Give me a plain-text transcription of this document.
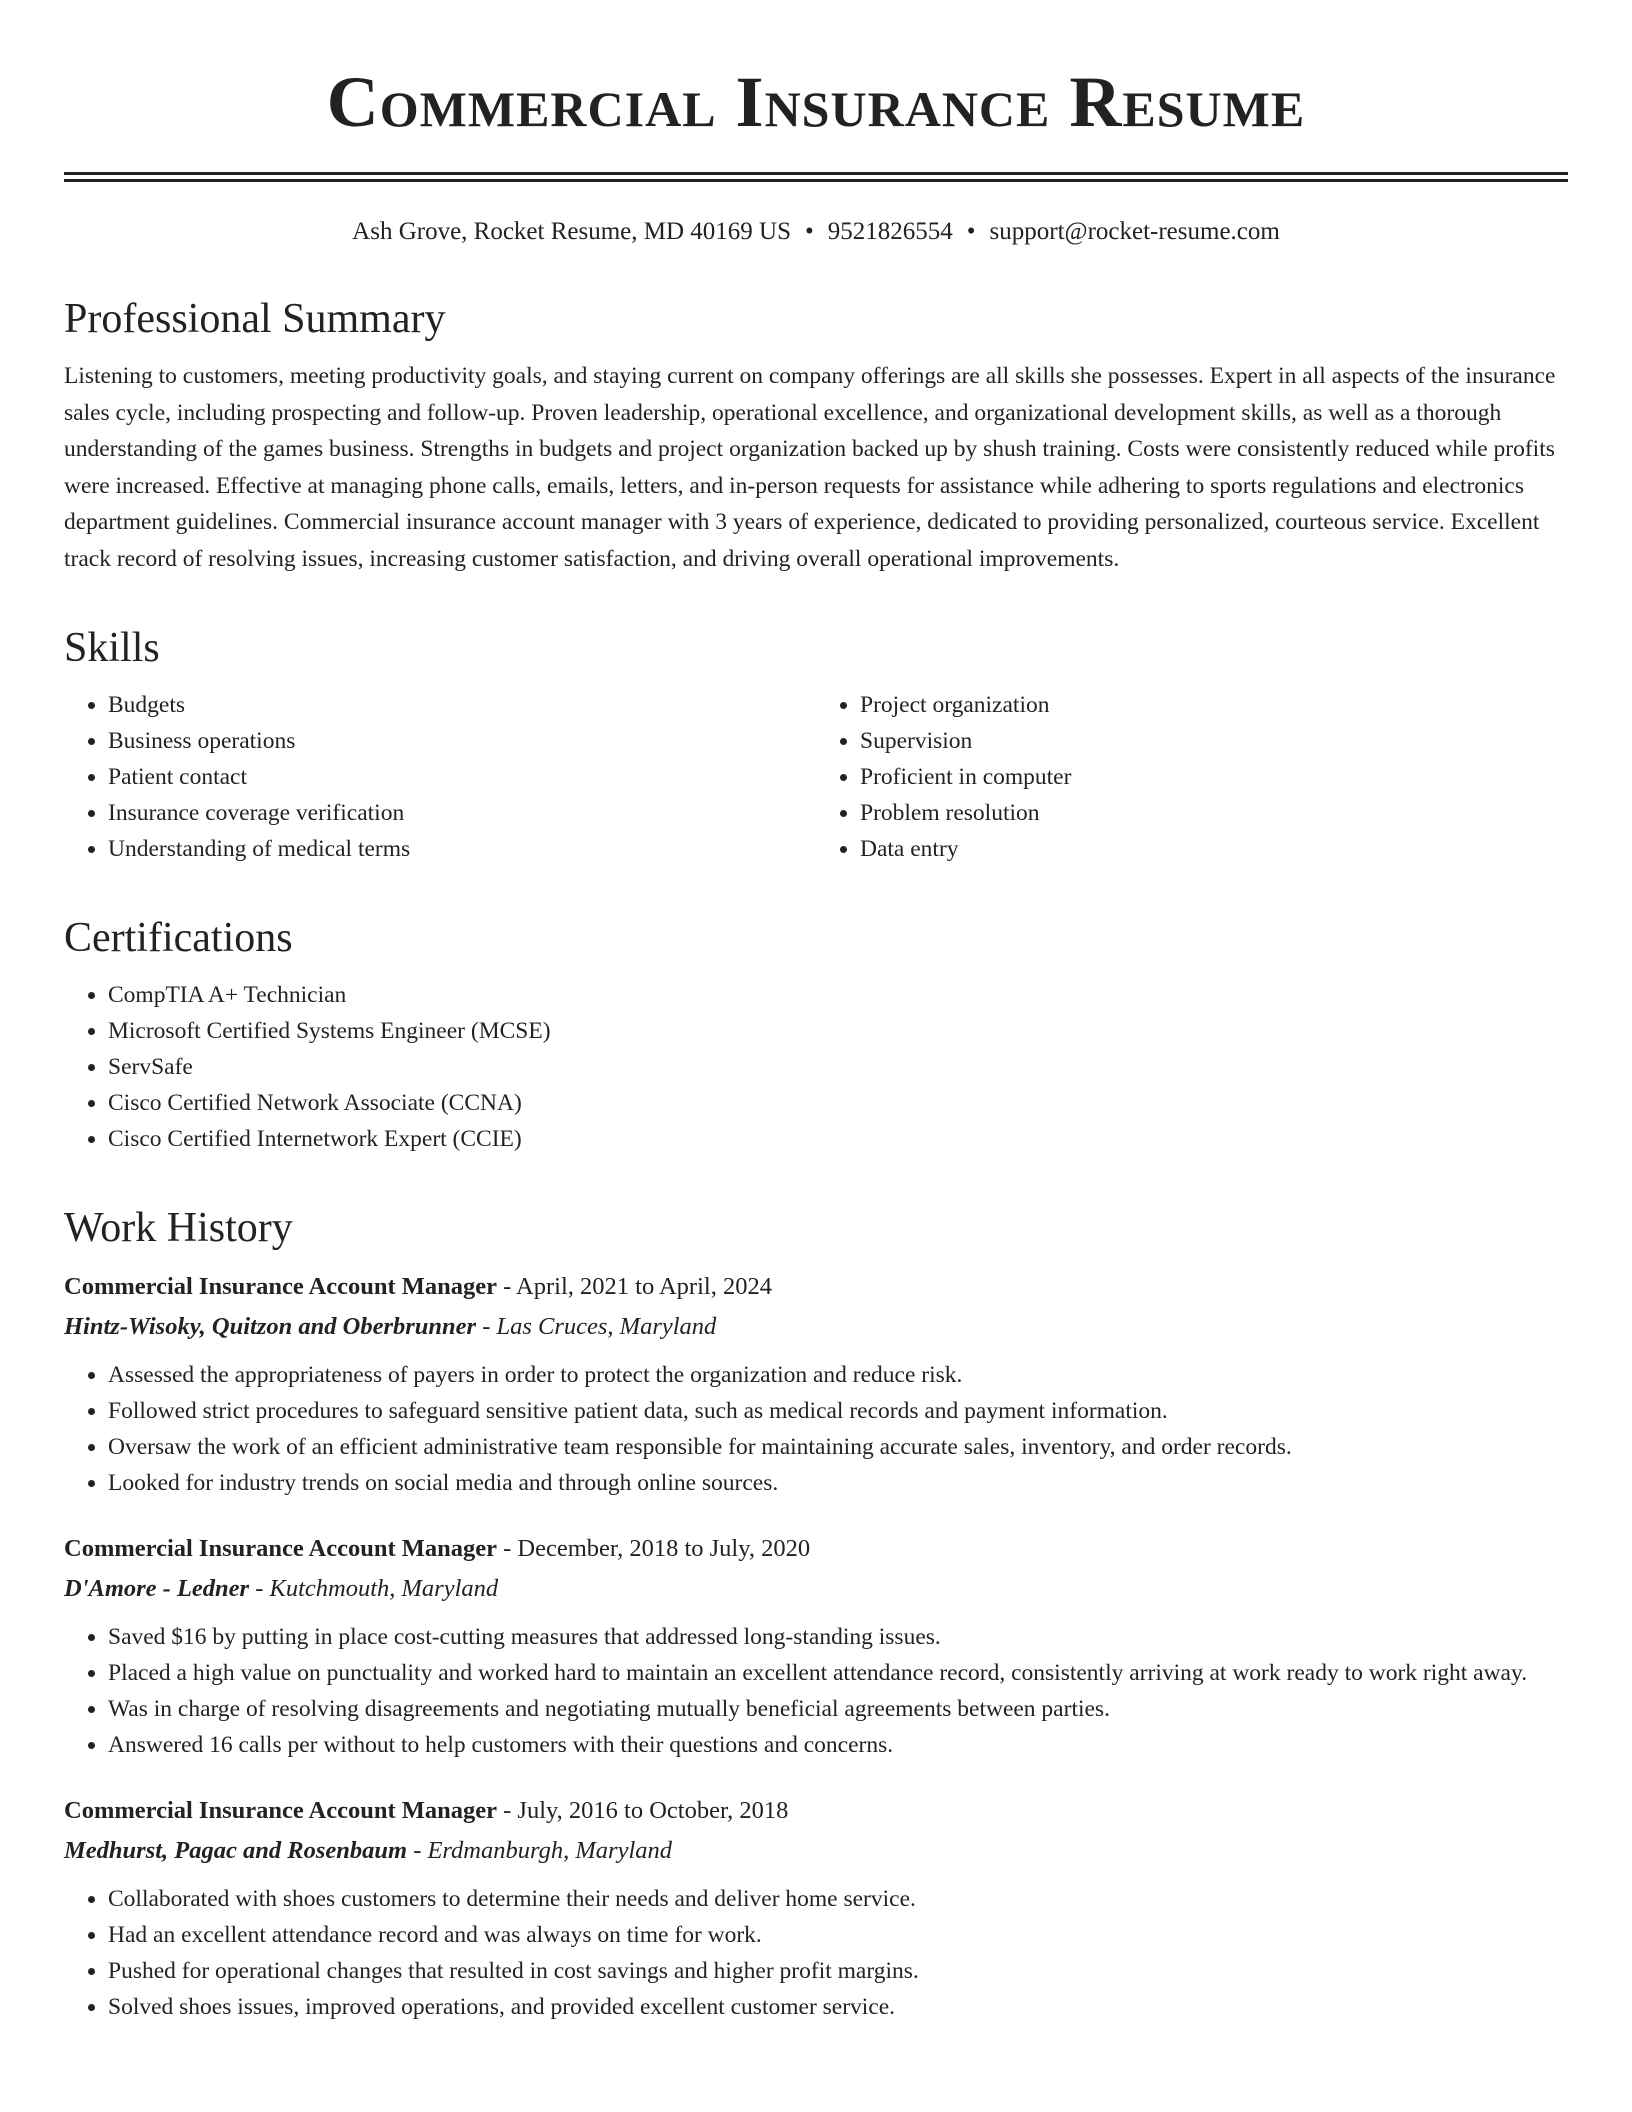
Commercial Insurance Resume
Ash Grove, Rocket Resume, MD 40169 US • 9521826554 • support@rocket-resume.com
Professional Summary

Listening to customers, meeting productivity goals, and staying current on company offerings are all skills she possesses. Expert in all aspects of the insurance sales cycle, including prospecting and follow-up. Proven leadership, operational excellence, and organizational development skills, as well as a thorough understanding of the games business. Strengths in budgets and project organization backed up by shush training. Costs were consistently reduced while profits were increased. Effective at managing phone calls, emails, letters, and in-person requests for assistance while adhering to sports regulations and electronics department guidelines. Commercial insurance account manager with 3 years of experience, dedicated to providing personalized, courteous service. Excellent track record of resolving issues, increasing customer satisfaction, and driving overall operational improvements.

Skills
• Budgets
• Business operations
• Patient contact
• Insurance coverage verification
• Understanding of medical terms
• Project organization
• Supervision
• Proficient in computer
• Problem resolution
• Data entry
Certifications
• CompTIA A+ Technician
• Microsoft Certified Systems Engineer (MCSE)
• ServSafe
• Cisco Certified Network Associate (CCNA)
• Cisco Certified Internetwork Expert (CCIE)
Work History
Commercial Insurance Account Manager - April, 2021 to April, 2024
Hintz-Wisoky, Quitzon and Oberbrunner - Las Cruces, Maryland
• Assessed the appropriateness of payers in order to protect the organization and reduce risk.
• Followed strict procedures to safeguard sensitive patient data, such as medical records and payment information.
• Oversaw the work of an efficient administrative team responsible for maintaining accurate sales, inventory, and order records.
• Looked for industry trends on social media and through online sources.
Commercial Insurance Account Manager - December, 2018 to July, 2020
D'Amore - Ledner - Kutchmouth, Maryland
• Saved $16 by putting in place cost-cutting measures that addressed long-standing issues.
• Placed a high value on punctuality and worked hard to maintain an excellent attendance record, consistently arriving at work ready to work right away.
• Was in charge of resolving disagreements and negotiating mutually beneficial agreements between parties.
• Answered 16 calls per without to help customers with their questions and concerns.
Commercial Insurance Account Manager - July, 2016 to October, 2018
Medhurst, Pagac and Rosenbaum - Erdmanburgh, Maryland
• Collaborated with shoes customers to determine their needs and deliver home service.
• Had an excellent attendance record and was always on time for work.
• Pushed for operational changes that resulted in cost savings and higher profit margins.
• Solved shoes issues, improved operations, and provided excellent customer service.
